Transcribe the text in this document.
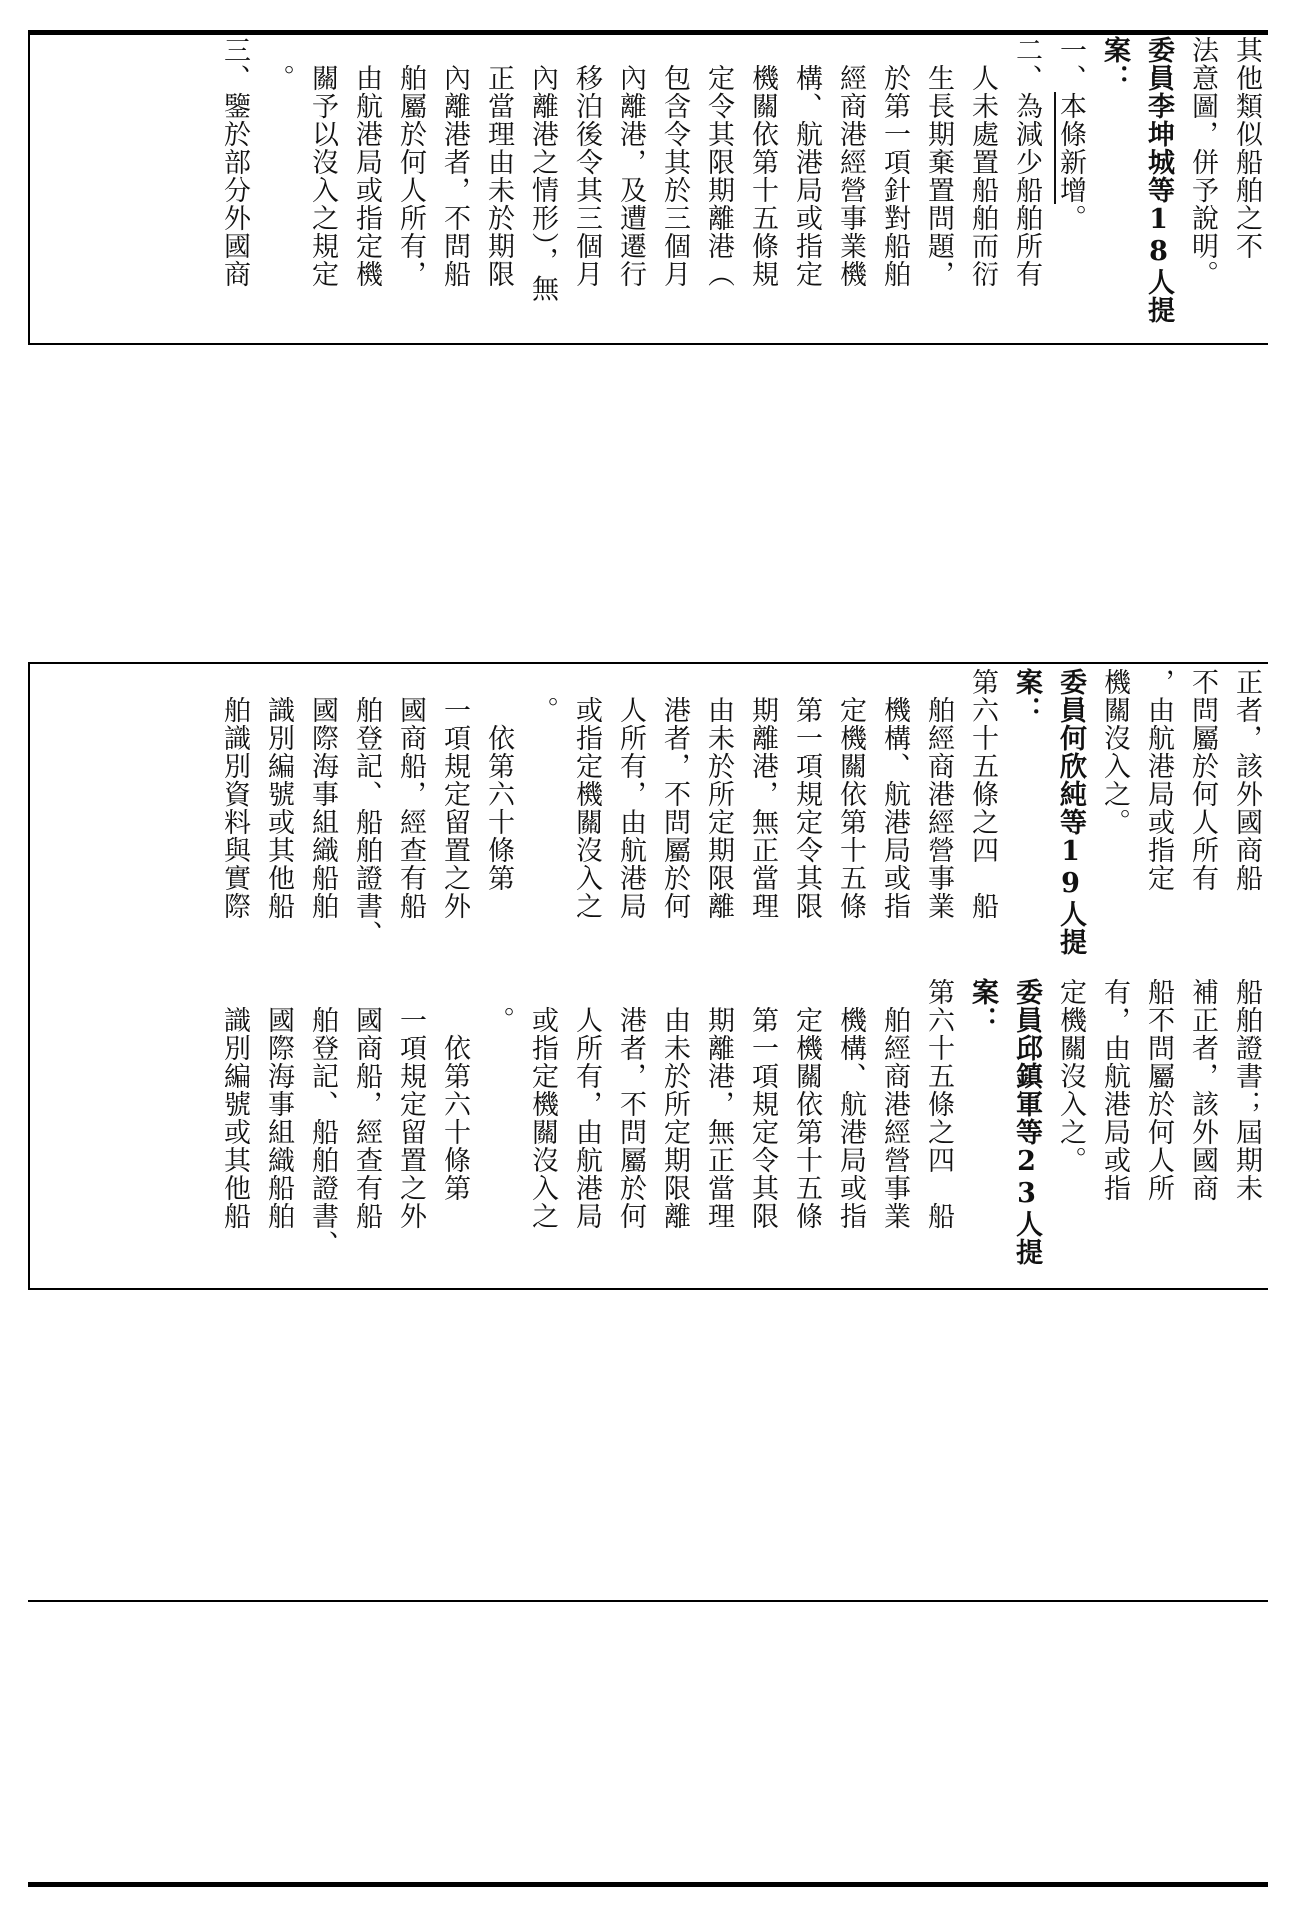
其他類似船舶之不
法意圖，併予說明。
委員李坤城等18人提
案：
一、本條新增。
二、為減少船舶所有
　人未處置船舶而衍
　生長期棄置問題，
　於第一項針對船舶
　經商港經營事業機
　構、航港局或指定
　機關依第十五條規
　定令其限期離港（
　包含令其於三個月
　內離港，及遭遷行
　移泊後令其三個月
　內離港之情形），無
　正當理由未於期限
　內離港者，不問船
　舶屬於何人所有，
　由航港局或指定機
　關予以沒入之規定
　。
三、鑒於部分外國商
正者，該外國商船
不問屬於何人所有
，由航港局或指定
機關沒入之。
委員何欣純等19人提
案：
第六十五條之四　船
　舶經商港經營事業
　機構、航港局或指
　定機關依第十五條
　第一項規定令其限
　期離港，無正當理
　由未於所定期限離
　港者，不問屬於何
　人所有，由航港局
　或指定機關沒入之
　。
　　依第六十條第
　一項規定留置之外
　國商船，經查有船
　舶登記、船舶證書、
　國際海事組織船舶
　識別編號或其他船
　舶識別資料與實際
船舶證書；屆期未
補正者，該外國商
船不問屬於何人所
有，由航港局或指
定機關沒入之。
委員邱鎮軍等23人提
案：
第六十五條之四　船
　舶經商港經營事業
　機構、航港局或指
　定機關依第十五條
　第一項規定令其限
　期離港，無正當理
　由未於所定期限離
　港者，不問屬於何
　人所有，由航港局
　或指定機關沒入之
　。
　　依第六十條第
　一項規定留置之外
　國商船，經查有船
　舶登記、船舶證書、
　國際海事組織船舶
　識別編號或其他船
